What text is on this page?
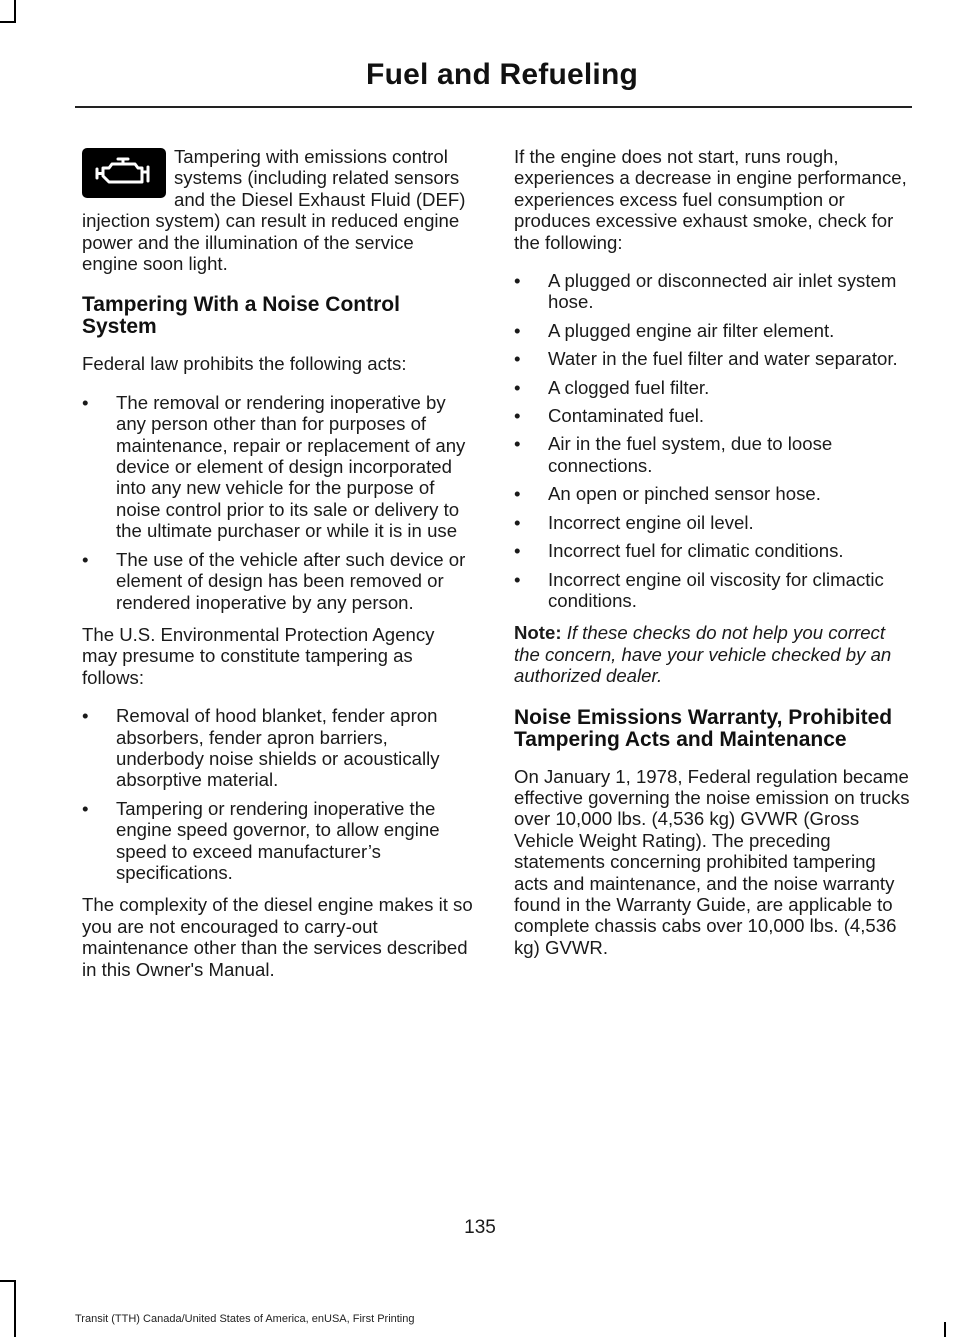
Fuel and Refueling

Tampering with emissions control systems (including related sensors and the Diesel Exhaust Fluid (DEF) injection system) can result in reduced engine power and the illumination of the service engine soon light.

Tampering With a Noise Control System

Federal law prohibits the following acts:

• The removal or rendering inoperative by any person other than for purposes of maintenance, repair or replacement of any device or element of design incorporated into any new vehicle for the purpose of noise control prior to its sale or delivery to the ultimate purchaser or while it is in use
• The use of the vehicle after such device or element of design has been removed or rendered inoperative by any person.

The U.S. Environmental Protection Agency may presume to constitute tampering as follows:

• Removal of hood blanket, fender apron absorbers, fender apron barriers, underbody noise shields or acoustically absorptive material.
• Tampering or rendering inoperative the engine speed governor, to allow engine speed to exceed manufacturer’s specifications.

The complexity of the diesel engine makes it so you are not encouraged to carry-out maintenance other than the services described in this Owner's Manual.

If the engine does not start, runs rough, experiences a decrease in engine performance, experiences excess fuel consumption or produces excessive exhaust smoke, check for the following:

• A plugged or disconnected air inlet system hose.
• A plugged engine air filter element.
• Water in the fuel filter and water separator.
• A clogged fuel filter.
• Contaminated fuel.
• Air in the fuel system, due to loose connections.
• An open or pinched sensor hose.
• Incorrect engine oil level.
• Incorrect fuel for climatic conditions.
• Incorrect engine oil viscosity for climactic conditions.

Note: If these checks do not help you correct the concern, have your vehicle checked by an authorized dealer.

Noise Emissions Warranty, Prohibited Tampering Acts and Maintenance

On January 1, 1978, Federal regulation became effective governing the noise emission on trucks over 10,000 lbs. (4,536 kg) GVWR (Gross Vehicle Weight Rating). The preceding statements concerning prohibited tampering acts and maintenance, and the noise warranty found in the Warranty Guide, are applicable to complete chassis cabs over 10,000 lbs. (4,536 kg) GVWR.

135
Transit (TTH) Canada/United States of America, enUSA, First Printing
